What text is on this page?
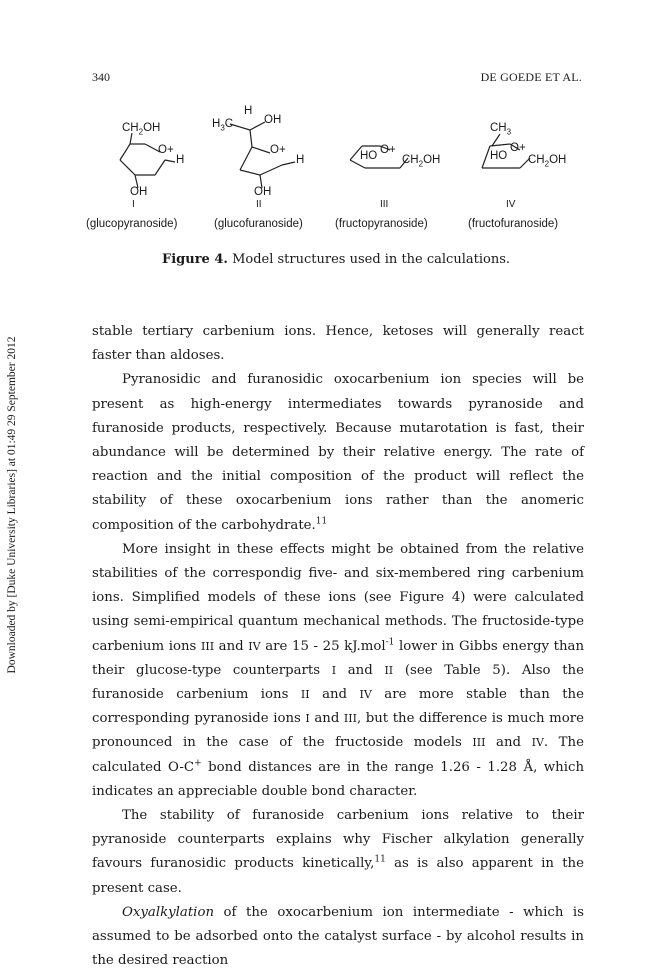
340	DE GOEDE ET AL.
Downloaded by [Duke University Libraries] at 01:49 29 September 2012
$CH_2OH$
O+
H
OH
I
(glucopyranoside)
H
$H_3C$	OH
O+
H
OH
II
(glucofuranoside)
HO O+
$CH_2OH$
III
(fructopyranoside)
$CH_3$
HO
O+
$CH_2OH$
IV
(fructofuranoside)
Figure 4. Model structures used in the calculations.

stable tertiary carbenium ions. Hence, ketoses will generally react faster than aldoses.

Pyranosidic and furanosidic oxocarbenium ion species will be present as high-energy intermediates towards pyranoside and furanoside products, respectively. Because mutarotation is fast, their abundance will be determined by their relative energy. The rate of reaction and the initial composition of the product will reflect the stability of these oxocarbenium ions rather than the anomeric composition of the carbohydrate.$^{11}$

More insight in these effects might be obtained from the relative stabilities of the correspondig five- and six-membered ring carbenium ions. Simplified models of these ions (see Figure 4) were calculated using semi-empirical quantum mechanical methods. The fructoside-type carbenium ions III and IV are 15 - 25 kJ.mol$^{-1}$ lower in Gibbs energy than their glucose-type counterparts I and II (see Table 5). Also the furanoside carbenium ions II and IV are more stable than the corresponding pyranoside ions I and III, but the difference is much more pronounced in the case of the fructoside models III and IV. The calculated O-C+ bond distances are in the range 1.26 - 1.28 Å, which indicates an appreciable double bond character.

The stability of furanoside carbenium ions relative to their pyranoside counterparts explains why Fischer alkylation generally favours furanosidic products kinetically,$^{11}$ as is also apparent in the present case.

Oxyalkylation of the oxocarbenium ion intermediate - which is assumed to be adsorbed onto the catalyst surface - by alcohol results in the desired reaction
